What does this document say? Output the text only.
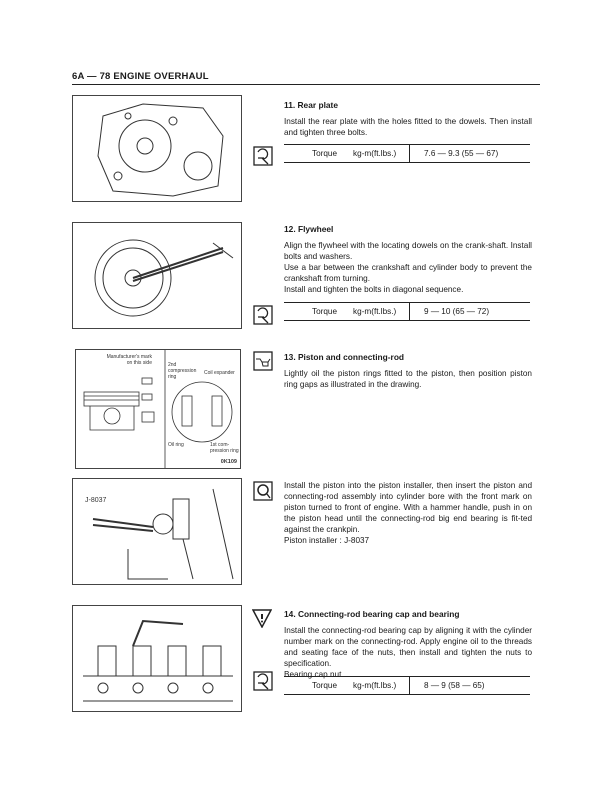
6A — 78 ENGINE OVERHAUL
11. Rear plate
Install the rear plate with the holes fitted to the dowels. Then install and tighten three bolts.
Torque kg-m(ft.lbs.)	7.6 — 9.3 (55 — 67)
12. Flywheel
Align the flywheel with the locating dowels on the crank-shaft. Install bolts and washers.
Use a bar between the crankshaft and cylinder body to prevent the crankshaft from turning.
Install and tighten the bolts in diagonal sequence.
Torque kg-m(ft.lbs.)	9 — 10 (65 — 72)
Manufacturer's mark on this side	2nd compression ring
Coil expander
Oil ring	1st com-pression ring
0K109
13. Piston and connecting-rod
Lightly oil the piston rings fitted to the piston, then position piston ring gaps as illustrated in the drawing.
J-8037
Install the piston into the piston installer, then insert the piston and connecting-rod assembly into cylinder bore with the front mark on piston turned to front of engine. With a hammer handle, push in on the piston head until the connecting-rod big end bearing is fit-ted against the crankpin.
Piston installer : J-8037
14. Connecting-rod bearing cap and bearing
Install the connecting-rod bearing cap by aligning it with the cylinder number mark on the connecting-rod. Apply engine oil to the threads and seating face of the nuts, then install and tighten the nuts to specification.
Bearing cap nut
Torque kg-m(ft.lbs.)	8 — 9 (58 — 65)
